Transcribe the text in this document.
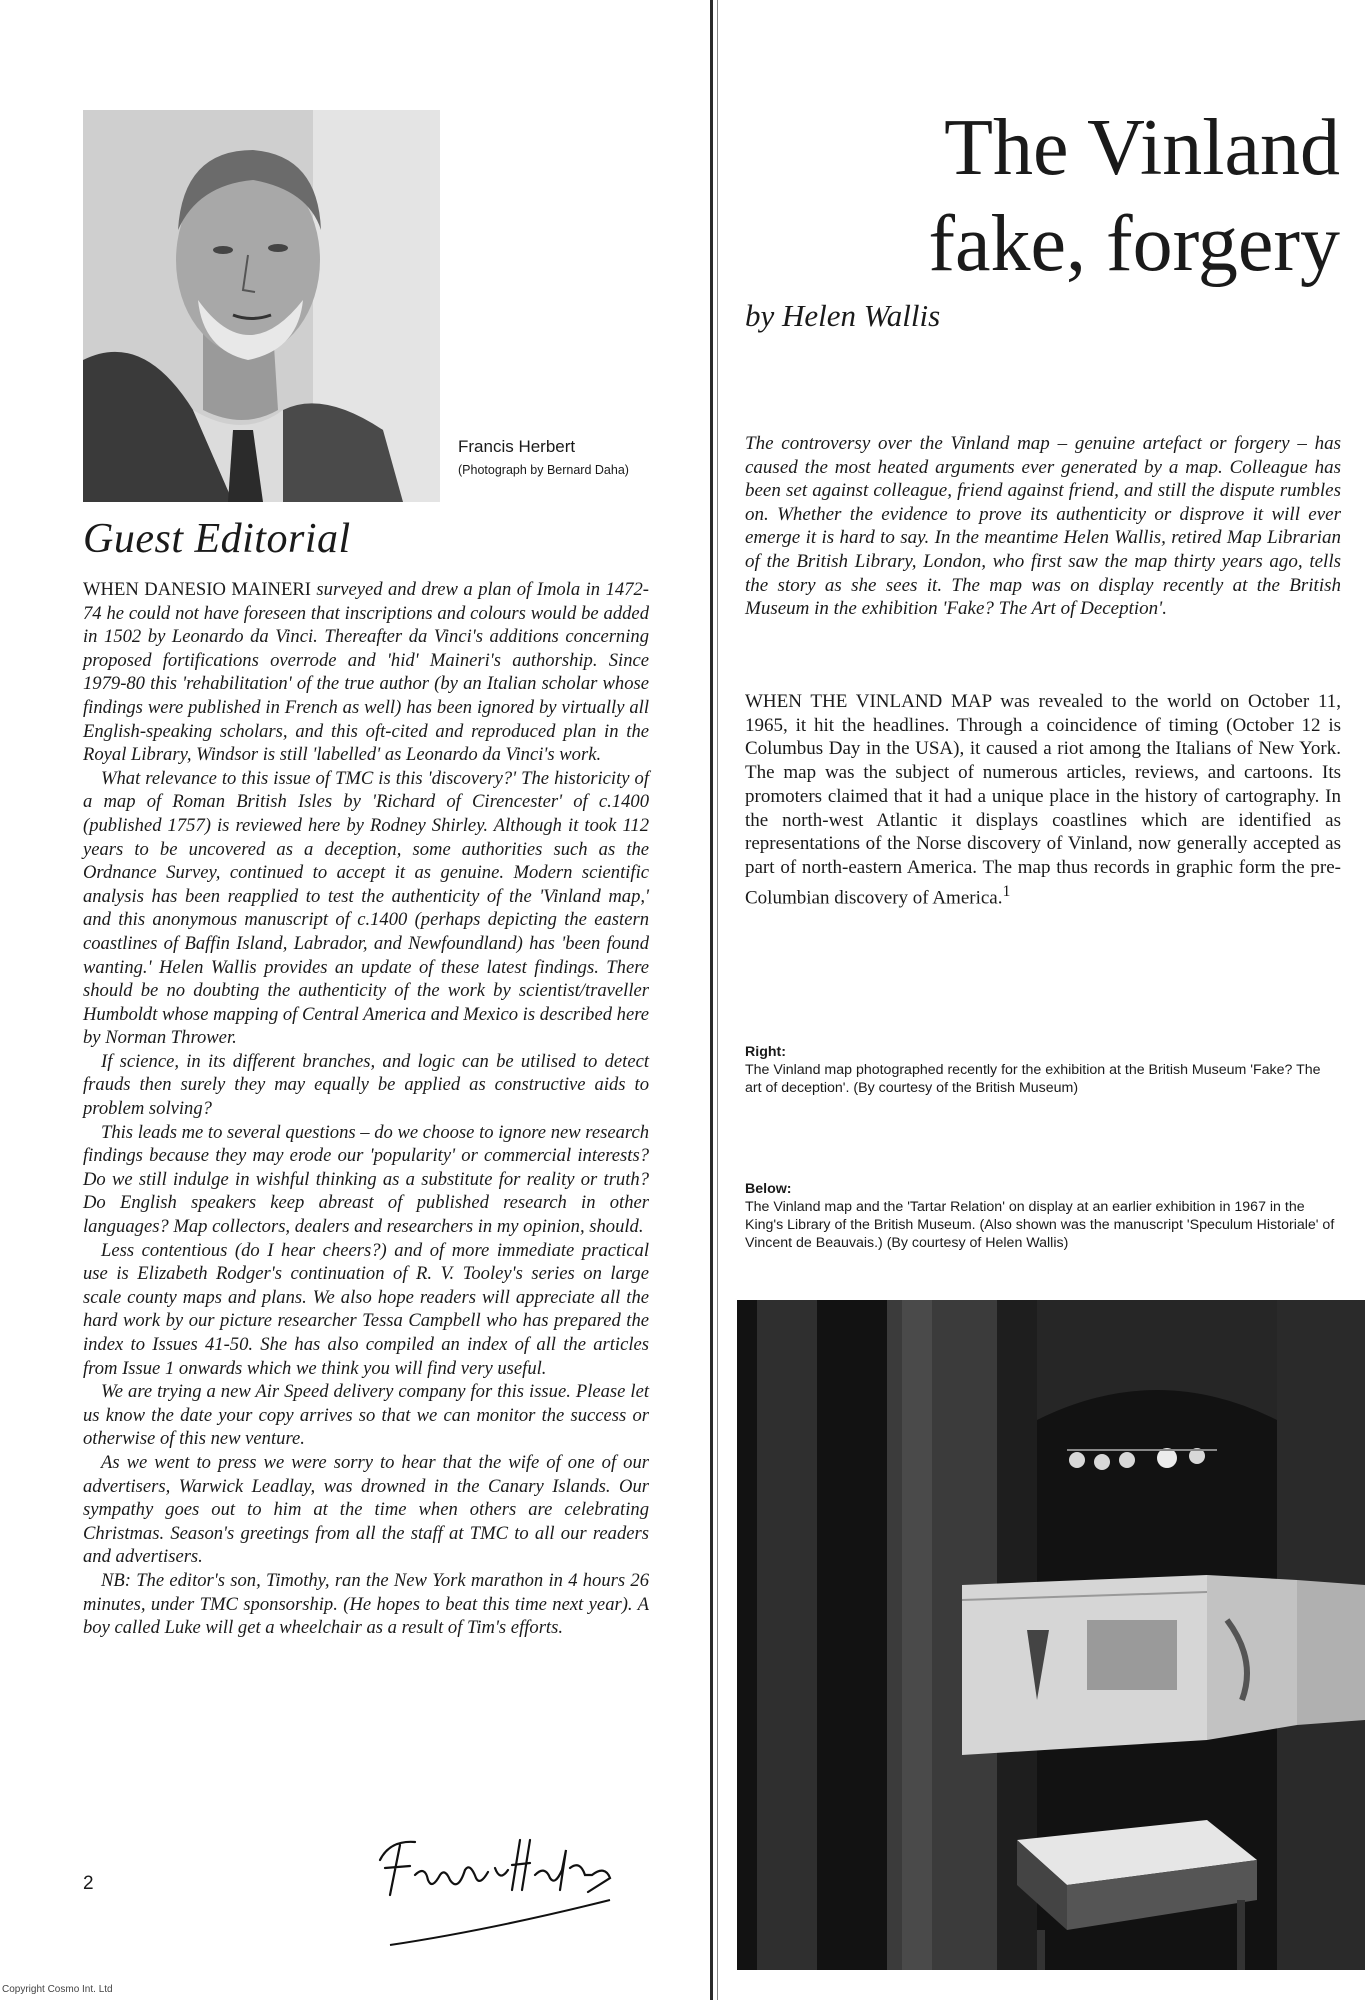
Francis Herbert
(Photograph by Bernard Daha)
Guest Editorial

WHEN DANESIO MAINERI surveyed and drew a plan of Imola in 1472-74 he could not have foreseen that inscriptions and colours would be added in 1502 by Leonardo da Vinci. Thereafter da Vinci's additions concerning proposed fortifications overrode and 'hid' Maineri's authorship. Since 1979-80 this 'rehabilitation' of the true author (by an Italian scholar whose findings were published in French as well) has been ignored by virtually all English-speaking scholars, and this oft-cited and reproduced plan in the Royal Library, Windsor is still 'labelled' as Leonardo da Vinci's work.

What relevance to this issue of TMC is this 'discovery?' The historicity of a map of Roman British Isles by 'Richard of Cirencester' of c.1400 (published 1757) is reviewed here by Rodney Shirley. Although it took 112 years to be uncovered as a deception, some authorities such as the Ordnance Survey, continued to accept it as genuine. Modern scientific analysis has been reapplied to test the authenticity of the 'Vinland map,' and this anonymous manuscript of c.1400 (perhaps depicting the eastern coastlines of Baffin Island, Labrador, and Newfoundland) has 'been found wanting.' Helen Wallis provides an update of these latest findings. There should be no doubting the authenticity of the work by scientist/traveller Humboldt whose mapping of Central America and Mexico is described here by Norman Thrower.

If science, in its different branches, and logic can be utilised to detect frauds then surely they may equally be applied as constructive aids to problem solving?

This leads me to several questions – do we choose to ignore new research findings because they may erode our 'popularity' or commercial interests? Do we still indulge in wishful thinking as a substitute for reality or truth? Do English speakers keep abreast of published research in other languages? Map collectors, dealers and researchers in my opinion, should.

Less contentious (do I hear cheers?) and of more immediate practical use is Elizabeth Rodger's continuation of R. V. Tooley's series on large scale county maps and plans. We also hope readers will appreciate all the hard work by our picture researcher Tessa Campbell who has prepared the index to Issues 41-50. She has also compiled an index of all the articles from Issue 1 onwards which we think you will find very useful.

We are trying a new Air Speed delivery company for this issue. Please let us know the date your copy arrives so that we can monitor the success or otherwise of this new venture.

As we went to press we were sorry to hear that the wife of one of our advertisers, Warwick Leadlay, was drowned in the Canary Islands. Our sympathy goes out to him at the time when others are celebrating Christmas. Season's greetings from all the staff at TMC to all our readers and advertisers.

NB: The editor's son, Timothy, ran the New York marathon in 4 hours 26 minutes, under TMC sponsorship. (He hopes to beat this time next year). A boy called Luke will get a wheelchair as a result of Tim's efforts.

2
The Vinland
fake, forgery
by Helen Wallis
The controversy over the Vinland map – genuine artefact or forgery – has caused the most heated arguments ever generated by a map. Colleague has been set against colleague, friend against friend, and still the dispute rumbles on. Whether the evidence to prove its authenticity or disprove it will ever emerge it is hard to say. In the meantime Helen Wallis, retired Map Librarian of the British Library, London, who first saw the map thirty years ago, tells the story as she sees it. The map was on display recently at the British Museum in the exhibition 'Fake? The Art of Deception'.
WHEN THE VINLAND MAP was revealed to the world on October 11, 1965, it hit the headlines. Through a coincidence of timing (October 12 is Columbus Day in the USA), it caused a riot among the Italians of New York. The map was the subject of numerous articles, reviews, and cartoons. Its promoters claimed that it had a unique place in the history of cartography. In the north-west Atlantic it displays coastlines which are identified as representations of the Norse discovery of Vinland, now generally accepted as part of north-eastern America. The map thus records in graphic form the pre-Columbian discovery of America.$^1$
Right:
The Vinland map photographed recently for the exhibition at the British Museum 'Fake? The art of deception'. (By courtesy of the British Museum)
Below:
The Vinland map and the 'Tartar Relation' on display at an earlier exhibition in 1967 in the King's Library of the British Museum. (Also shown was the manuscript 'Speculum Historiale' of Vincent de Beauvais.) (By courtesy of Helen Wallis)
Copyright Cosmo Int. Ltd
